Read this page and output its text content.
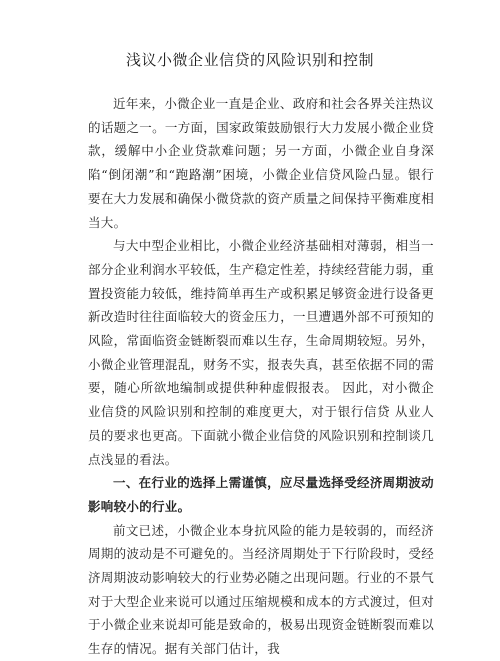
浅议小微企业信贷的风险识别和控制

近年来，小微企业一直是企业、政府和社会各界关注热议的话题之一。一方面，国家政策鼓励银行大力发展小微企业贷款，缓解中小企业贷款难问题；另一方面，小微企业自身深陷“倒闭潮”和“跑路潮”困境，小微企业信贷风险凸显。银行要在大力发展和确保小微贷款的资产质量之间保持平衡难度相当大。

与大中型企业相比，小微企业经济基础相对薄弱，相当一部分企业利润水平较低，生产稳定性差，持续经营能力弱，重置投资能力较低，维持简单再生产或积累足够资金进行设备更新改造时往往面临较大的资金压力，一旦遭遇外部不可预知的风险，常面临资金链断裂而难以生存，生命周期较短。另外，小微企业管理混乱，财务不实，报表失真，甚至依据不同的需要，随心所欲地编制或提供种种虚假报表。 因此，对小微企业信贷的风险识别和控制的难度更大，对于银行信贷 从业人员的要求也更高。下面就小微企业信贷的风险识别和控制谈几 点浅显的看法。

一、在行业的选择上需谨慎，应尽量选择受经济周期波动影响较小的行业。

前文已述，小微企业本身抗风险的能力是较弱的，而经济周期的波动是不可避免的。当经济周期处于下行阶段时，受经济周期波动影响较大的行业势必随之出现问题。行业的不景气对于大型企业来说可以通过压缩规模和成本的方式渡过，但对于小微企业来说却可能是致命的，极易出现资金链断裂而难以生存的情况。据有关部门估计，我
